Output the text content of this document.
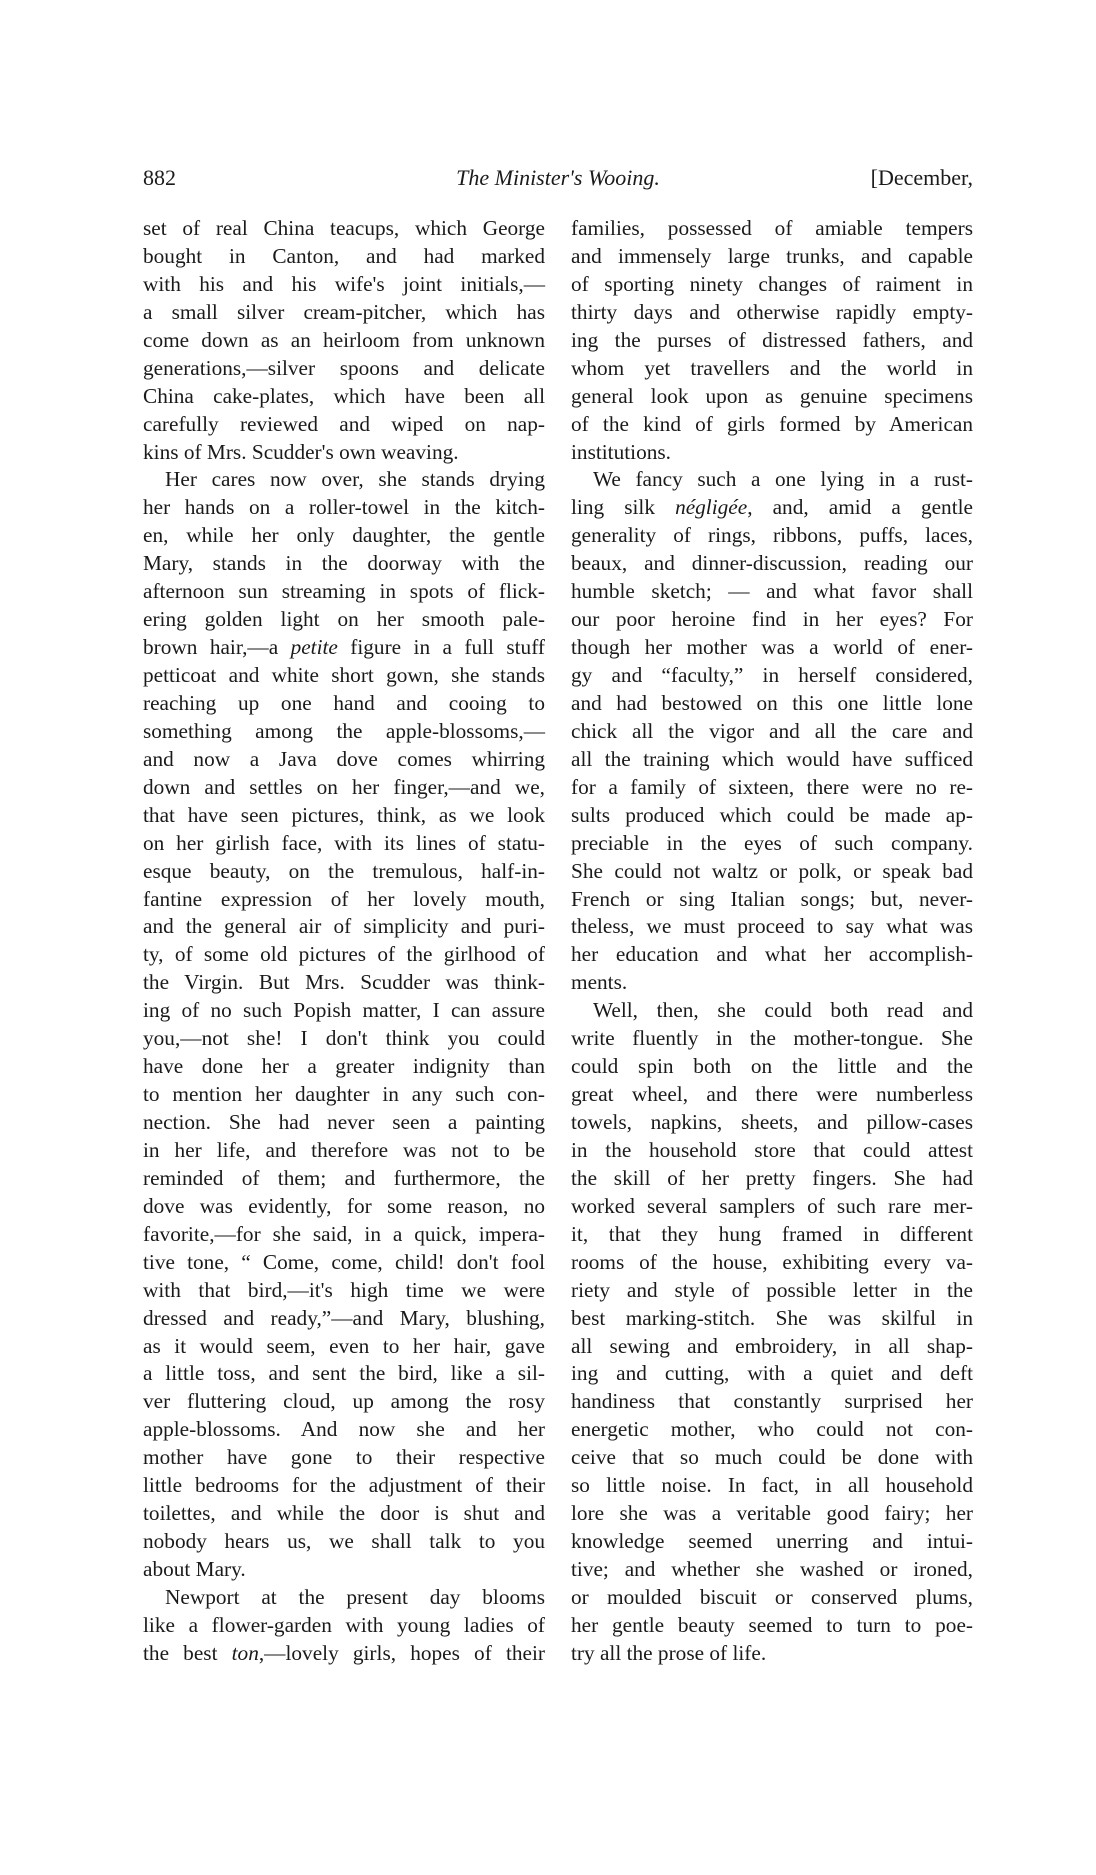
882	The Minister's Wooing.	[December,
set of real China teacups, which George
bought in Canton, and had marked
with his and his wife's joint initials,—
a small silver cream-pitcher, which has
come down as an heirloom from unknown
generations,—silver spoons and delicate
China cake-plates, which have been all
carefully reviewed and wiped on nap-
kins of Mrs. Scudder's own weaving.
Her cares now over, she stands drying
her hands on a roller-towel in the kitch-
en, while her only daughter, the gentle
Mary, stands in the doorway with the
afternoon sun streaming in spots of flick-
ering golden light on her smooth pale-
brown hair,—a petite figure in a full stuff
petticoat and white short gown, she stands
reaching up one hand and cooing to
something among the apple-blossoms,—
and now a Java dove comes whirring
down and settles on her finger,—and we,
that have seen pictures, think, as we look
on her girlish face, with its lines of statu-
esque beauty, on the tremulous, half-in-
fantine expression of her lovely mouth,
and the general air of simplicity and puri-
ty, of some old pictures of the girlhood of
the Virgin. But Mrs. Scudder was think-
ing of no such Popish matter, I can assure
you,—not she! I don't think you could
have done her a greater indignity than
to mention her daughter in any such con-
nection. She had never seen a painting
in her life, and therefore was not to be
reminded of them; and furthermore, the
dove was evidently, for some reason, no
favorite,—for she said, in a quick, impera-
tive tone, “ Come, come, child! don't fool
with that bird,—it's high time we were
dressed and ready,”—and Mary, blushing,
as it would seem, even to her hair, gave
a little toss, and sent the bird, like a sil-
ver fluttering cloud, up among the rosy
apple-blossoms. And now she and her
mother have gone to their respective
little bedrooms for the adjustment of their
toilettes, and while the door is shut and
nobody hears us, we shall talk to you
about Mary.
Newport at the present day blooms
like a flower-garden with young ladies of
the best ton,—lovely girls, hopes of their
families, possessed of amiable tempers
and immensely large trunks, and capable
of sporting ninety changes of raiment in
thirty days and otherwise rapidly empty-
ing the purses of distressed fathers, and
whom yet travellers and the world in
general look upon as genuine specimens
of the kind of girls formed by American
institutions.
We fancy such a one lying in a rust-
ling silk négligée, and, amid a gentle
generality of rings, ribbons, puffs, laces,
beaux, and dinner-discussion, reading our
humble sketch; — and what favor shall
our poor heroine find in her eyes? For
though her mother was a world of ener-
gy and “faculty,” in herself considered,
and had bestowed on this one little lone
chick all the vigor and all the care and
all the training which would have sufficed
for a family of sixteen, there were no re-
sults produced which could be made ap-
preciable in the eyes of such company.
She could not waltz or polk, or speak bad
French or sing Italian songs; but, never-
theless, we must proceed to say what was
her education and what her accomplish-
ments.
Well, then, she could both read and
write fluently in the mother-tongue. She
could spin both on the little and the
great wheel, and there were numberless
towels, napkins, sheets, and pillow-cases
in the household store that could attest
the skill of her pretty fingers. She had
worked several samplers of such rare mer-
it, that they hung framed in different
rooms of the house, exhibiting every va-
riety and style of possible letter in the
best marking-stitch. She was skilful in
all sewing and embroidery, in all shap-
ing and cutting, with a quiet and deft
handiness that constantly surprised her
energetic mother, who could not con-
ceive that so much could be done with
so little noise. In fact, in all household
lore she was a veritable good fairy; her
knowledge seemed unerring and intui-
tive; and whether she washed or ironed,
or moulded biscuit or conserved plums,
her gentle beauty seemed to turn to poe-
try all the prose of life.
